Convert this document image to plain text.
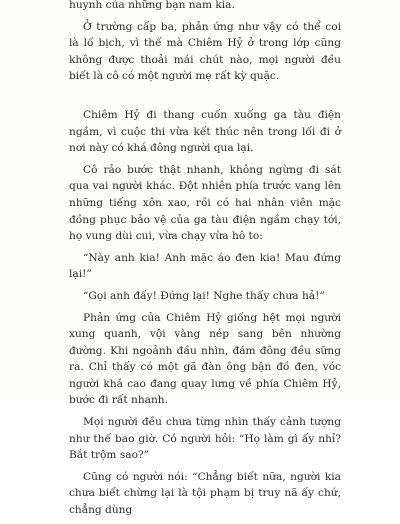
huynh của những bạn nam kia.

Ở trường cấp ba, phản ứng như vậy có thể coi là lố bịch, vì thế mà Chiêm Hỷ ở trong lớp cũng không được thoải mái chút nào, mọi người đều biết là cô có một người mẹ rất kỳ quặc.

Chiêm Hỷ đi thang cuốn xuống ga tàu điện ngầm, vì cuộc thi vừa kết thúc nên trong lối đi ở nơi này có khá đông người qua lại.

Cô rảo bước thật nhanh, không ngừng đi sát qua vai người khác. Đột nhiên phía trước vang lên những tiếng xôn xao, rồi có hai nhân viên mặc đồng phục bảo vệ của ga tàu điện ngầm chạy tới, họ vung dùi cui, vừa chạy vừa hô to:

“Này anh kia! Anh mặc áo đen kia! Mau đứng lại!”

“Gọi anh đấy! Đứng lại! Nghe thấy chưa hả!”

Phản ứng của Chiêm Hỷ giống hệt mọi người xung quanh, vội vàng nép sang bên nhường đường. Khi ngoảnh đầu nhìn, đám đông đều sững ra. Chỉ thấy có một gã đàn ông bận đồ đen, vóc người khá cao đang quay lưng về phía Chiêm Hỷ, bước đi rất nhanh.

Mọi người đều chưa từng nhìn thấy cảnh tượng như thế bao giờ. Có người hỏi: “Họ làm gì ấy nhỉ? Bắt trộm sao?”

Cũng có người nói: “Chẳng biết nữa, người kia chưa biết chừng lại là tội phạm bị truy nã ấy chứ, chẳng dùng
